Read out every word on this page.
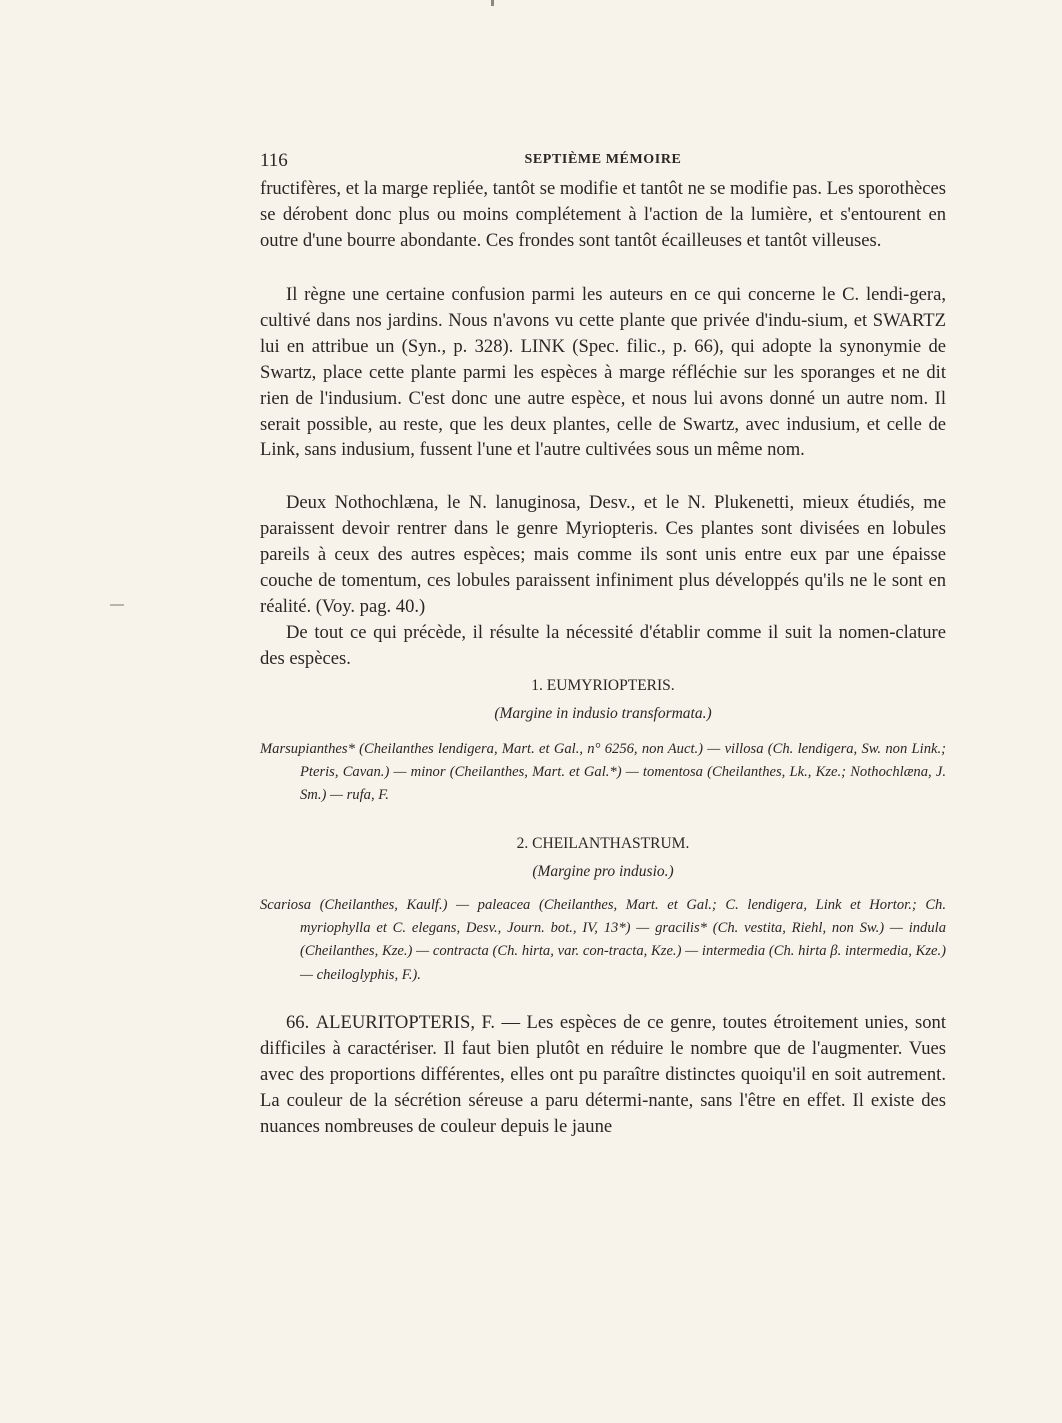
116	SEPTIÈME MÉMOIRE

fructifères, et la marge repliée, tantôt se modifie et tantôt ne se modifie pas. Les sporothèces se dérobent donc plus ou moins complétement à l'action de la lumière, et s'entourent en outre d'une bourre abondante. Ces frondes sont tantôt écailleuses et tantôt villeuses.

Il règne une certaine confusion parmi les auteurs en ce qui concerne le C. lendi-gera, cultivé dans nos jardins. Nous n'avons vu cette plante que privée d'indu-sium, et SWARTZ lui en attribue un (Syn., p. 328). LINK (Spec. filic., p. 66), qui adopte la synonymie de Swartz, place cette plante parmi les espèces à marge réfléchie sur les sporanges et ne dit rien de l'indusium. C'est donc une autre espèce, et nous lui avons donné un autre nom. Il serait possible, au reste, que les deux plantes, celle de Swartz, avec indusium, et celle de Link, sans indusium, fussent l'une et l'autre cultivées sous un même nom.

Deux Nothochlæna, le N. lanuginosa, Desv., et le N. Plukenetti, mieux étudiés, me paraissent devoir rentrer dans le genre Myriopteris. Ces plantes sont divisées en lobules pareils à ceux des autres espèces; mais comme ils sont unis entre eux par une épaisse couche de tomentum, ces lobules paraissent infiniment plus développés qu'ils ne le sont en réalité. (Voy. pag. 40.)

De tout ce qui précède, il résulte la nécessité d'établir comme il suit la nomen-clature des espèces.

1. EUMYRIOPTERIS.

(Margine in indusio transformata.)

Marsupianthes* (Cheilanthes lendigera, Mart. et Gal., n° 6256, non Auct.) — villosa (Ch. lendigera, Sw. non Link.; Pteris, Cavan.) — minor (Cheilanthes, Mart. et Gal.*) — tomentosa (Cheilanthes, Lk., Kze.; Nothochlæna, J. Sm.) — rufa, F.

2. CHEILANTHASTRUM.

(Margine pro indusio.)

Scariosa (Cheilanthes, Kaulf.) — paleacea (Cheilanthes, Mart. et Gal.; C. lendigera, Link et Hortor.; Ch. myriophylla et C. elegans, Desv., Journ. bot., IV, 13*) — gracilis* (Ch. vestita, Riehl, non Sw.) — indula (Cheilanthes, Kze.) — contracta (Ch. hirta, var. con-tracta, Kze.) — intermedia (Ch. hirta β. intermedia, Kze.) — cheiloglyphis, F.).

66. ALEURITOPTERIS, F. — Les espèces de ce genre, toutes étroitement unies, sont difficiles à caractériser. Il faut bien plutôt en réduire le nombre que de l'augmenter. Vues avec des proportions différentes, elles ont pu paraître distinctes quoiqu'il en soit autrement. La couleur de la sécrétion séreuse a paru détermi-nante, sans l'être en effet. Il existe des nuances nombreuses de couleur depuis le jaune
